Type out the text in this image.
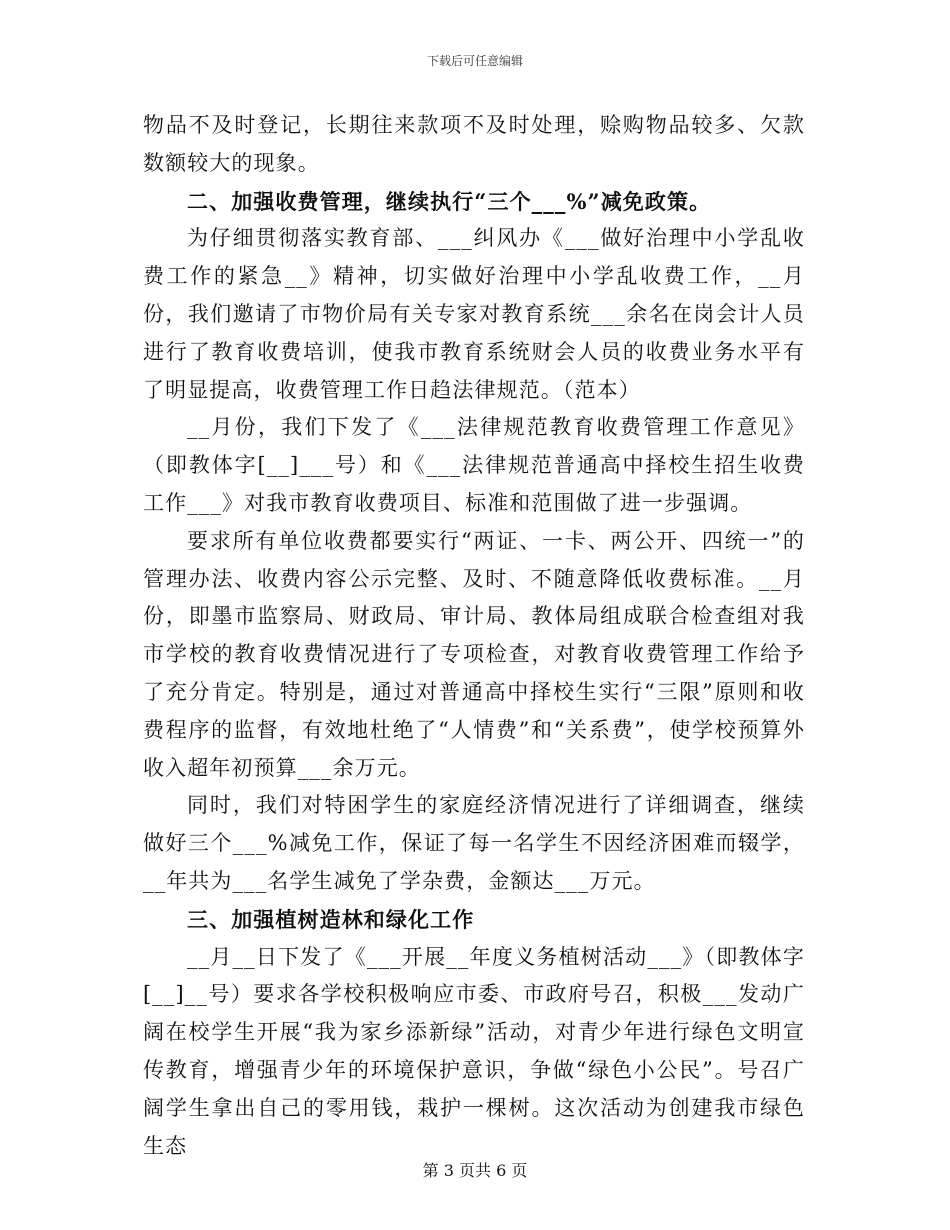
下载后可任意编辑

物品不及时登记，长期往来款项不及时处理，赊购物品较多、欠款数额较大的现象。

二、加强收费管理，继续执行“三个___%”减免政策。

为仔细贯彻落实教育部、___纠风办《___做好治理中小学乱收费工作的紧急__》精神，切实做好治理中小学乱收费工作，__月份，我们邀请了市物价局有关专家对教育系统___余名在岗会计人员进行了教育收费培训，使我市教育系统财会人员的收费业务水平有了明显提高，收费管理工作日趋法律规范。（范本）

__月份，我们下发了《___法律规范教育收费管理工作意见》（即教体字[__]___号）和《___法律规范普通高中择校生招生收费工作___》对我市教育收费项目、标准和范围做了进一步强调。

要求所有单位收费都要实行“两证、一卡、两公开、四统一”的管理办法、收费内容公示完整、及时、不随意降低收费标准。__月份，即墨市监察局、财政局、审计局、教体局组成联合检查组对我市学校的教育收费情况进行了专项检查，对教育收费管理工作给予了充分肯定。特别是，通过对普通高中择校生实行“三限”原则和收费程序的监督，有效地杜绝了“人情费”和“关系费”，使学校预算外收入超年初预算___余万元。

同时，我们对特困学生的家庭经济情况进行了详细调查，继续做好三个___%减免工作，保证了每一名学生不因经济困难而辍学，__年共为___名学生减免了学杂费，金额达___万元。

三、加强植树造林和绿化工作

__月__日下发了《___开展__年度义务植树活动___》（即教体字[__]__号）要求各学校积极响应市委、市政府号召，积极___发动广阔在校学生开展“我为家乡添新绿”活动，对青少年进行绿色文明宣传教育，增强青少年的环境保护意识，争做“绿色小公民”。号召广阔学生拿出自己的零用钱，栽护一棵树。这次活动为创建我市绿色生态

第 3 页共 6 页
